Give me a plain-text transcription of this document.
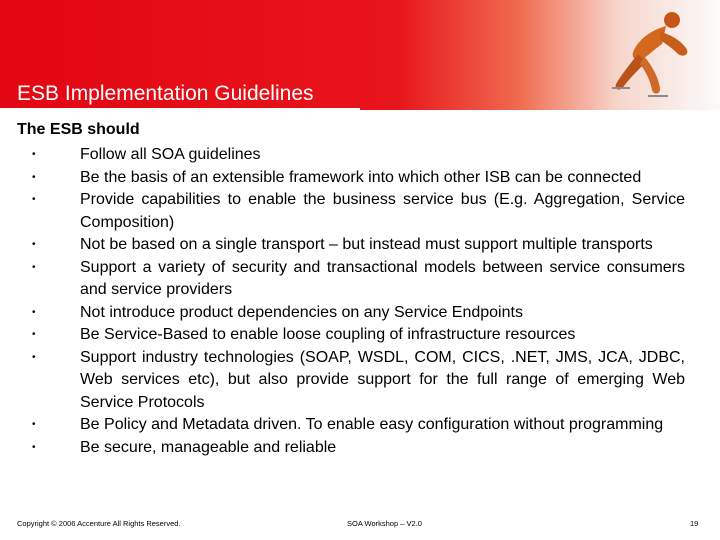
ESB Implementation Guidelines
The ESB should
•	Follow all SOA guidelines
•	Be the basis of an extensible framework into which other ISB can be connected
•	Provide capabilities to enable the business service bus (E.g. Aggregation, Service Composition)
•	Not be based on a single transport – but instead must support multiple transports
•	Support a variety of security and transactional models between service consumers and service providers
•	Not introduce product dependencies on any Service Endpoints
•	Be Service-Based to enable loose coupling of infrastructure resources
•	Support industry technologies (SOAP, WSDL, COM, CICS, .NET, JMS, JCA, JDBC, Web services etc), but also provide support for the full range of emerging Web Service Protocols
•	Be Policy and Metadata driven. To enable easy configuration without programming
•	Be secure, manageable and reliable
Copyright © 2006 Accenture All Rights Reserved.	SOA Workshop – V2.0	19
